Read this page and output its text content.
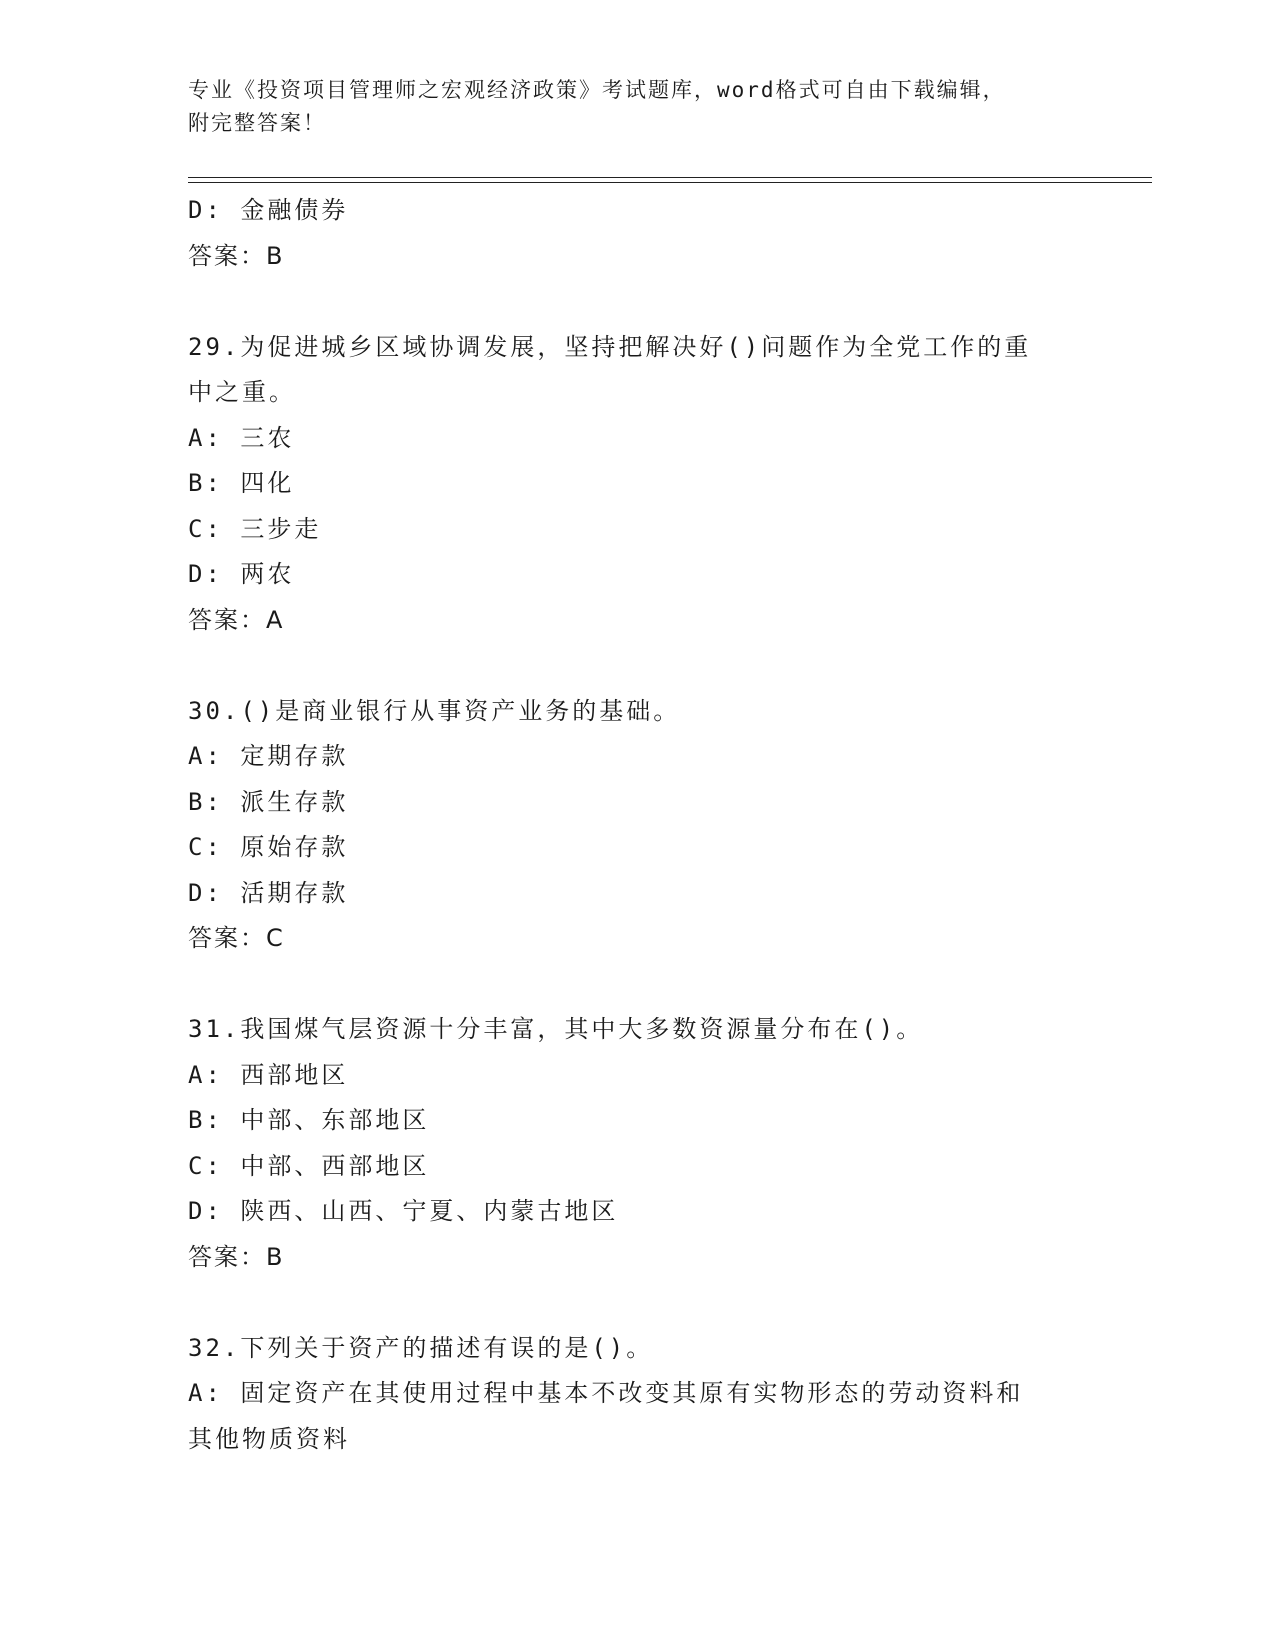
专业《投资项目管理师之宏观经济政策》考试题库，word格式可自由下载编辑，
附完整答案！
D: 金融债券
答案：B
29.为促进城乡区域协调发展，坚持把解决好()问题作为全党工作的重
中之重。
A: 三农
B: 四化
C: 三步走
D: 两农
答案：A
30.()是商业银行从事资产业务的基础。
A: 定期存款
B: 派生存款
C: 原始存款
D: 活期存款
答案：C
31.我国煤气层资源十分丰富，其中大多数资源量分布在()。
A: 西部地区
B: 中部、东部地区
C: 中部、西部地区
D: 陕西、山西、宁夏、内蒙古地区
答案：B
32.下列关于资产的描述有误的是()。
A: 固定资产在其使用过程中基本不改变其原有实物形态的劳动资料和
其他物质资料
